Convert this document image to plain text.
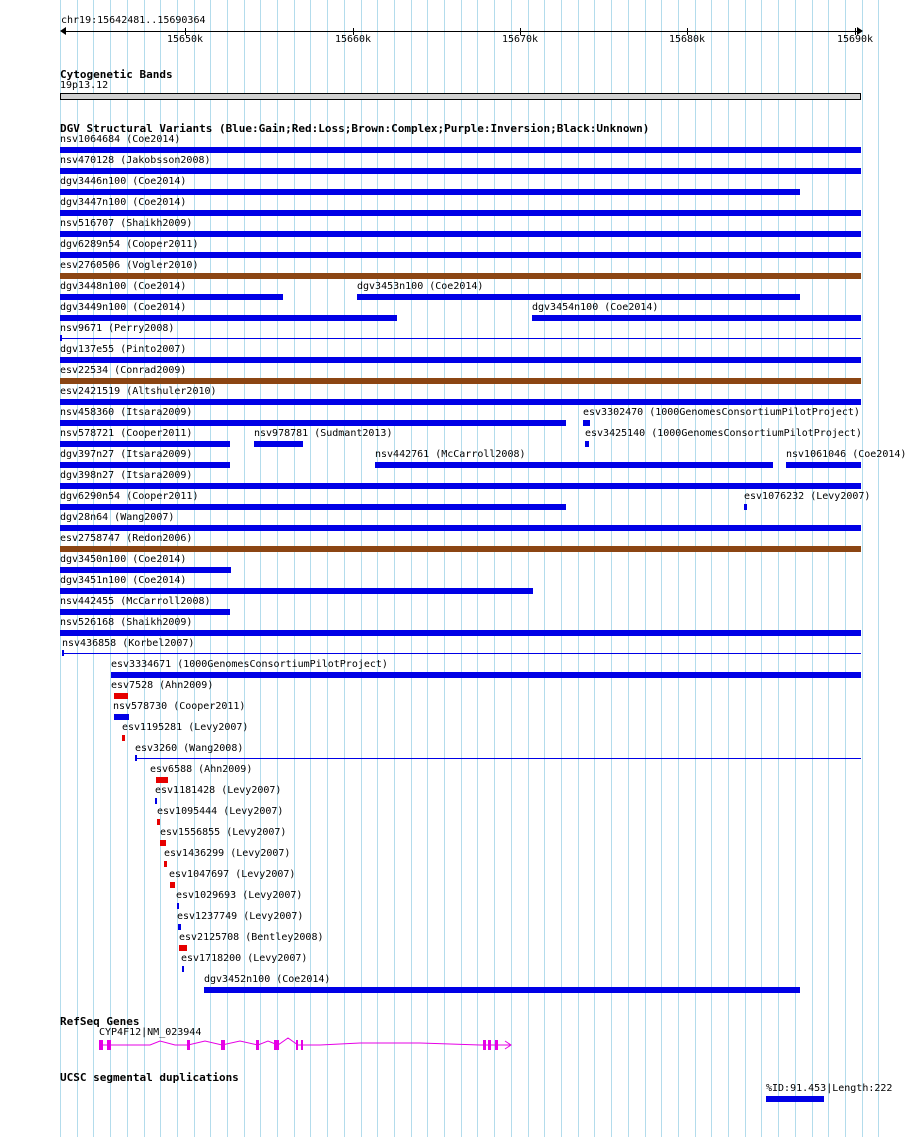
chr19:15642481..15690364
15650k	15660k	15670k	15680k	15690k
Cytogenetic Bands
19p13.12
DGV Structural Variants (Blue:Gain;Red:Loss;Brown:Complex;Purple:Inversion;Black:Unknown)
nsv1064684 (Coe2014)
nsv470128 (Jakobsson2008)
dgv3446n100 (Coe2014)
dgv3447n100 (Coe2014)
nsv516707 (Shaikh2009)
dgv6289n54 (Cooper2011)
esv2760506 (Vogler2010)
dgv3448n100 (Coe2014)	dgv3453n100 (Coe2014)
dgv3449n100 (Coe2014)	dgv3454n100 (Coe2014)
nsv9671 (Perry2008)
dgv137e55 (Pinto2007)
esv22534 (Conrad2009)
esv2421519 (Altshuler2010)
nsv458360 (Itsara2009)	esv3302470 (1000GenomesConsortiumPilotProject)
nsv578721 (Cooper2011)	nsv978781 (Sudmant2013)	esv3425140 (1000GenomesConsortiumPilotProject)
dgv397n27 (Itsara2009)	nsv442761 (McCarroll2008)	nsv1061046 (Coe2014)
dgv398n27 (Itsara2009)
dgv6290n54 (Cooper2011)	esv1076232 (Levy2007)
dgv28n64 (Wang2007)
esv2758747 (Redon2006)
dgv3450n100 (Coe2014)
dgv3451n100 (Coe2014)
nsv442455 (McCarroll2008)
nsv526168 (Shaikh2009)
nsv436858 (Korbel2007)
esv3334671 (1000GenomesConsortiumPilotProject)
esv7528 (Ahn2009)
nsv578730 (Cooper2011)
esv1195281 (Levy2007)
esv3260 (Wang2008)
esv6588 (Ahn2009)
esv1181428 (Levy2007)
esv1095444 (Levy2007)
esv1556855 (Levy2007)
esv1436299 (Levy2007)
esv1047697 (Levy2007)
esv1029693 (Levy2007)
esv1237749 (Levy2007)
esv2125708 (Bentley2008)
esv1718200 (Levy2007)
dgv3452n100 (Coe2014)
RefSeq Genes
CYP4F12|NM_023944
UCSC segmental duplications
%ID:91.453|Length:222
